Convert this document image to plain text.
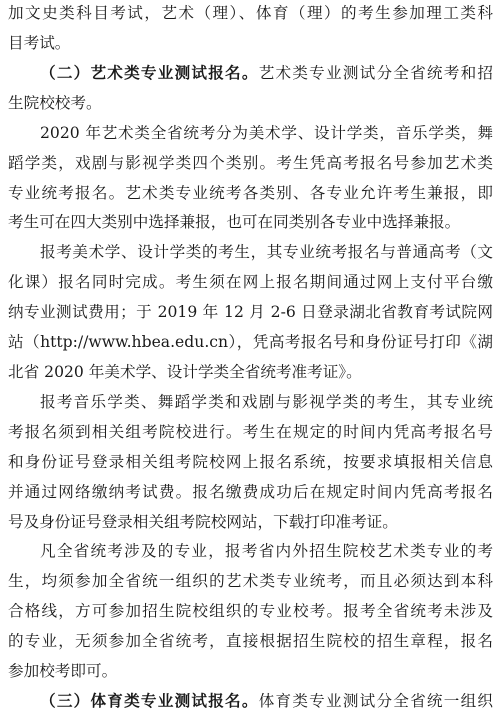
加文史类科目考试，艺术（理）、体育（理）的考生参加理工类科
目考试。
（二）艺术类专业测试报名。艺术类专业测试分全省统考和招
生院校校考。
2020 年艺术类全省统考分为美术学、设计学类，音乐学类，舞
蹈学类，戏剧与影视学类四个类别。考生凭高考报名号参加艺术类
专业统考报名。艺术类专业统考各类别、各专业允许考生兼报，即
考生可在四大类别中选择兼报，也可在同类别各专业中选择兼报。
报考美术学、设计学类的考生，其专业统考报名与普通高考（文
化课）报名同时完成。考生须在网上报名期间通过网上支付平台缴
纳专业测试费用；于 2019 年 12 月 2-6 日登录湖北省教育考试院网
站（http://www.hbea.edu.cn），凭高考报名号和身份证号打印《湖
北省 2020 年美术学、设计学类全省统考准考证》。
报考音乐学类、舞蹈学类和戏剧与影视学类的考生，其专业统
考报名须到相关组考院校进行。考生在规定的时间内凭高考报名号
和身份证号登录相关组考院校网上报名系统，按要求填报相关信息
并通过网络缴纳考试费。报名缴费成功后在规定时间内凭高考报名
号及身份证号登录相关组考院校网站，下载打印准考证。
凡全省统考涉及的专业，报考省内外招生院校艺术类专业的考
生，均须参加全省统一组织的艺术类专业统考，而且必须达到本科
合格线，方可参加招生院校组织的专业校考。报考全省统考未涉及
的专业，无须参加全省统考，直接根据招生院校的招生章程，报名
参加校考即可。
（三）体育类专业测试报名。体育类专业测试分全省统一组织
